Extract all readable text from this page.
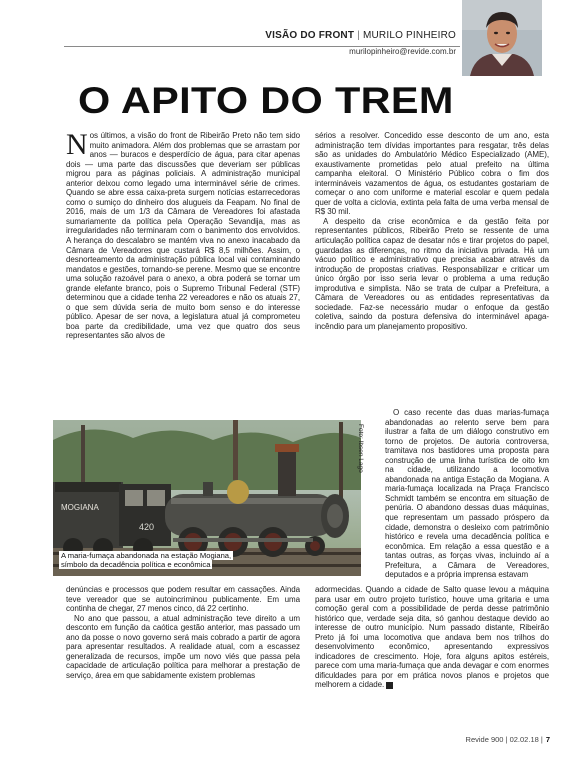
VISÃO DO FRONT | MURILO PINHEIRO
murilopinheiro@revide.com.br
O APITO DO TREM

Nos últimos, a visão do front de Ribeirão Preto não tem sido muito animadora. Além dos problemas que se arrastam por anos — buracos e desperdício de água, para citar apenas dois — uma parte das discussões que deveriam ser públicas migrou para as páginas policiais. A administração municipal anterior deixou como legado uma interminável série de crimes. Quando se abre essa caixa-preta surgem notícias estarrecedoras como o sumiço do dinheiro dos alugueis da Feapam. No final de 2016, mais de um 1/3 da Câmara de Vereadores foi afastada sumariamente da política pela Operação Sevandija, mas as irregularidades não terminaram com o banimento dos envolvidos. A herança do descalabro se mantém viva no anexo inacabado da Câmara de Vereadores que custará R$ 8,5 milhões. Assim, o desnorteamento da administração pública local vai contaminando mandatos e gestões, tornando-se perene. Mesmo que se encontre uma solução razoável para o anexo, a obra poderá se tornar um grande elefante branco, pois o Supremo Tribunal Federal (STF) determinou que a cidade tenha 22 vereadores e não os atuais 27, o que sem dúvida seria de muito bom senso e do interesse público. Apesar de ser nova, a legislatura atual já comprometeu boa parte da credibilidade, uma vez que quatro dos seus representantes são alvos de

MOGIANA
420
A maria-fumaça abandonada na estação Mogiana,
símbolo da decadência política e econômica
Foto: Ibsen Lago

denúncias e processos que podem resultar em cassações. Ainda teve vereador que se autoincriminou publicamente. Em uma continha de chegar, 27 menos cinco, dá 22 certinho.

No ano que passou, a atual administração teve direito a um desconto em função da caótica gestão anterior, mas passado um ano da posse o novo governo será mais cobrado a partir de agora para apresentar resultados. A realidade atual, com a escassez generalizada de recursos, impõe um novo viés que passa pela capacidade de articulação política para melhorar a prestação de serviço, área em que sabidamente existem problemas

sérios a resolver. Concedido esse desconto de um ano, esta administração tem dívidas importantes para resgatar, três delas são as unidades do Ambulatório Médico Especializado (AME), exaustivamente prometidas pelo atual prefeito na última campanha eleitoral. O Ministério Público cobra o fim dos intermináveis vazamentos de água, os estudantes gostariam de começar o ano com uniforme e material escolar e quem pedala quer de volta a ciclovia, extinta pela falta de uma verba mensal de R$ 30 mil.

A despeito da crise econômica e da gestão feita por representantes públicos, Ribeirão Preto se ressente de uma articulação política capaz de desatar nós e tirar projetos do papel, guardadas as diferenças, no ritmo da iniciativa privada. Há um vácuo político e administrativo que precisa acabar através da introdução de propostas criativas. Responsabilizar e criticar um único órgão por isso seria levar o problema a uma redução improdutiva e simplista. Não se trata de culpar a Prefeitura, a Câmara de Vereadores ou as entidades representativas da sociedade. Faz-se necessário mudar o enfoque da gestão coletiva, saindo da postura defensiva do interminável apaga-incêndio para um planejamento propositivo.

O caso recente das duas marias-fumaça abandonadas ao relento serve bem para ilustrar a falta de um diálogo construtivo em torno de projetos. De autoria controversa, tramitava nos bastidores uma proposta para construção de uma linha turística de oito km na cidade, utilizando a locomotiva abandonada na antiga Estação da Mogiana. A maria-fumaça localizada na Praça Francisco Schmidt também se encontra em situação de penúria. O abandono dessas duas máquinas, que representam um passado próspero da cidade, demonstra o desleixo com patrimônio histórico e revela uma decadência política e econômica. Em relação a essa questão e a tantas outras, as forças vivas, incluindo aí a Prefeitura, a Câmara de Vereadores, deputados e a própria imprensa estavam

adormecidas. Quando a cidade de Salto quase levou a máquina para usar em outro projeto turístico, houve uma gritaria e uma comoção geral com a possibilidade de perda desse patrimônio histórico que, verdade seja dita, só ganhou destaque devido ao interesse de outro município. Num passado distante, Ribeirão Preto já foi uma locomotiva que andava bem nos trilhos do desenvolvimento econômico, apresentando expressivos indicadores de crescimento. Hoje, fora alguns apitos estéreis, parece com uma maria-fumaça que anda devagar e com enormes dificuldades para por em prática novos planos e projetos que melhorem a cidade.

Revide 900 | 02.02.18 | 7
